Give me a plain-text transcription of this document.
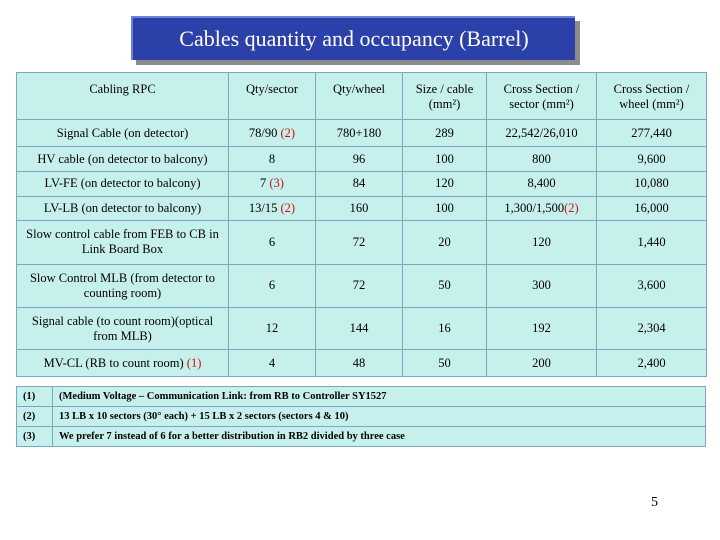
Cables quantity and occupancy (Barrel)
Cabling RPC	Qty/sector	Qty/wheel	Size / cable (mm²)	Cross Section / sector (mm²)	Cross Section / wheel (mm²)
Signal Cable (on detector)	78/90 (2)	780+180	289	22,542/26,010	277,440
HV cable (on detector to balcony)	8	96	100	800	9,600
LV-FE (on detector to balcony)	7 (3)	84	120	8,400	10,080
LV-LB (on detector to balcony)	13/15 (2)	160	100	1,300/1,500(2)	16,000
Slow control cable from FEB to CB in Link Board Box	6	72	20	120	1,440
Slow Control MLB (from detector to counting room)	6	72	50	300	3,600
Signal cable (to count room)(optical from MLB)	12	144	16	192	2,304
MV-CL (RB to count room) (1)	4	48	50	200	2,400
(1)	(Medium Voltage – Communication Link: from RB to Controller SY1527
(2)	13 LB x 10 sectors (30° each) + 15 LB x 2 sectors (sectors 4 & 10)
(3)	We prefer 7 instead of 6 for a better distribution in RB2 divided by three case
5
